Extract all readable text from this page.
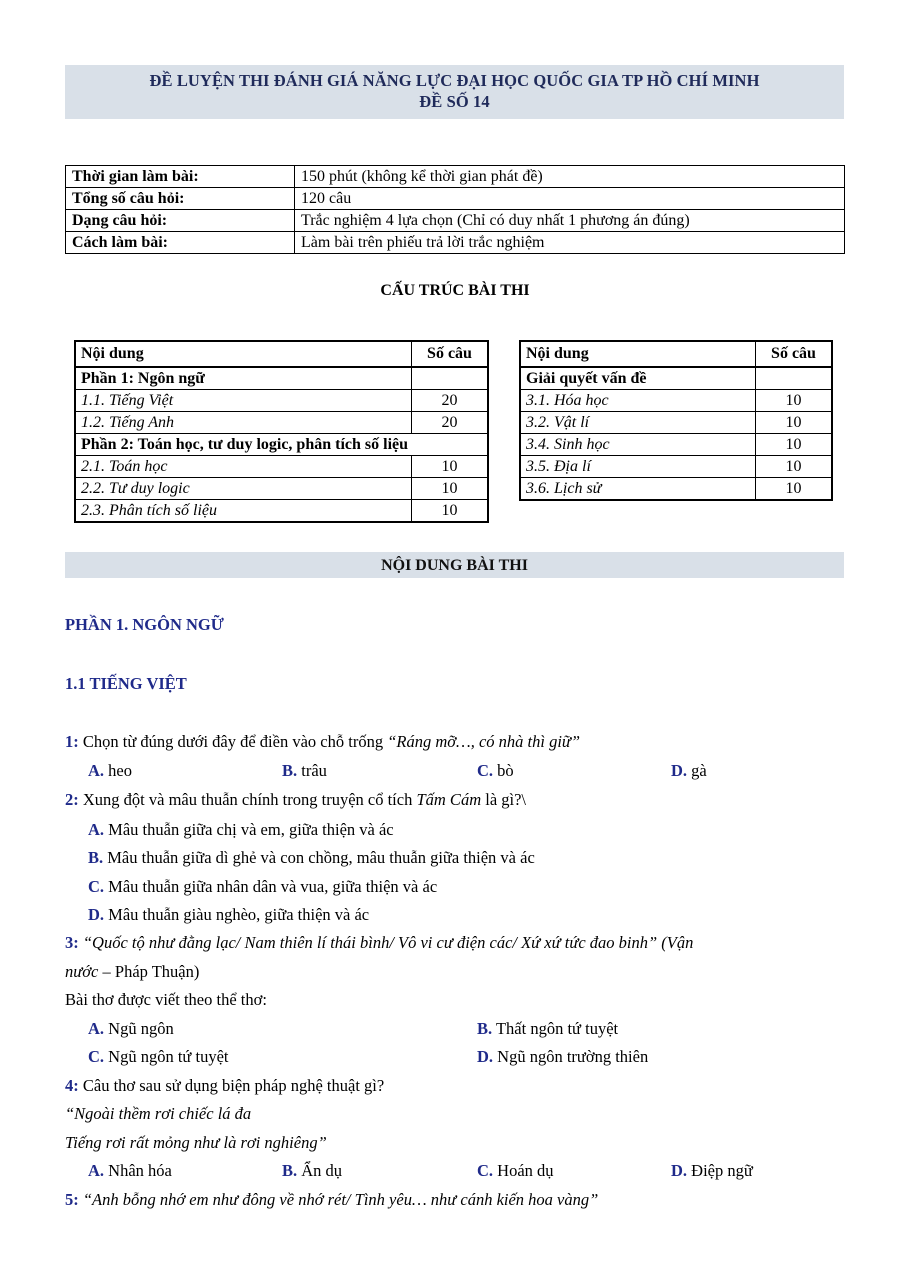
ĐỀ LUYỆN THI ĐÁNH GIÁ NĂNG LỰC ĐẠI HỌC QUỐC GIA TP HỒ CHÍ MINH
ĐỀ SỐ 14
Thời gian làm bài:	150 phút (không kể thời gian phát đề)
Tổng số câu hỏi:	120 câu
Dạng câu hỏi:	Trắc nghiệm 4 lựa chọn (Chỉ có duy nhất 1 phương án đúng)
Cách làm bài:	Làm bài trên phiếu trả lời trắc nghiệm
CẤU TRÚC BÀI THI
Nội dung	Số câu
Phần 1: Ngôn ngữ	
1.1. Tiếng Việt	20
1.2. Tiếng Anh	20
Phần 2: Toán học, tư duy logic, phân tích số liệu	
2.1. Toán học	10
2.2. Tư duy logic	10
2.3. Phân tích số liệu	10
Nội dung	Số câu
Giải quyết vấn đề	
3.1. Hóa học	10
3.2. Vật lí	10
3.4. Sinh học	10
3.5. Địa lí	10
3.6. Lịch sử	10
NỘI DUNG BÀI THI
PHẦN 1. NGÔN NGỮ
1.1 TIẾNG VIỆT
1: Chọn từ đúng dưới đây để điền vào chỗ trống “Ráng mỡ…, có nhà thì giữ”
A. heo	B. trâu	C. bò	D. gà
2: Xung đột và mâu thuẫn chính trong truyện cổ tích Tấm Cám là gì?\
A. Mâu thuẫn giữa chị và em, giữa thiện và ác
B. Mâu thuẫn giữa dì ghẻ và con chồng, mâu thuẫn giữa thiện và ác
C. Mâu thuẫn giữa nhân dân và vua, giữa thiện và ác
D. Mâu thuẫn giàu nghèo, giữa thiện và ác
3: “Quốc tộ như đằng lạc/ Nam thiên lí thái bình/ Vô vi cư điện các/ Xứ xứ tức đao binh” (Vận
nước – Pháp Thuận)
Bài thơ được viết theo thể thơ:
A. Ngũ ngôn	B. Thất ngôn tứ tuyệt
C. Ngũ ngôn tứ tuyệt	D. Ngũ ngôn trường thiên
4: Câu thơ sau sử dụng biện pháp nghệ thuật gì?
“Ngoài thềm rơi chiếc lá đa
Tiếng rơi rất mỏng như là rơi nghiêng”
A. Nhân hóa	B. Ẩn dụ	C. Hoán dụ	D. Điệp ngữ
5: “Anh bỗng nhớ em như đông về nhớ rét/ Tình yêu… như cánh kiến hoa vàng”
